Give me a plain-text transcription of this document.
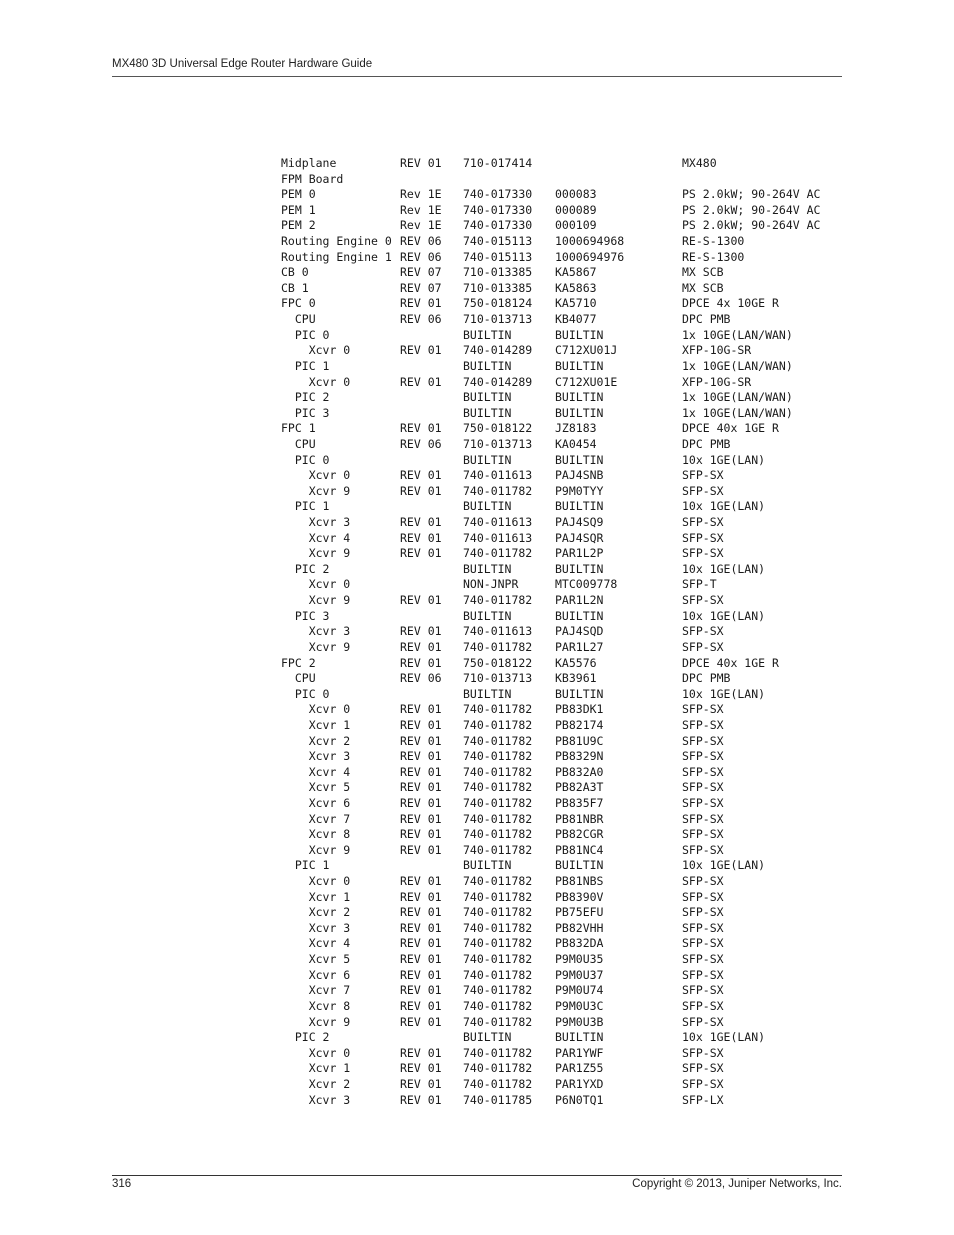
MX480 3D Universal Edge Router Hardware Guide
Midplane	REV 01 710-017414	MX480
FPM Board
PEM 0	Rev 1E 740-017330 000083	PS 2.0kW; 90-264V AC
PEM 1	Rev 1E 740-017330 000089	PS 2.0kW; 90-264V AC
PEM 2	Rev 1E 740-017330 000109	PS 2.0kW; 90-264V AC
Routing Engine 0 REV 06 740-015113 1000694968	RE-S-1300
Routing Engine 1 REV 06 740-015113 1000694976	RE-S-1300
CB 0	REV 07 710-013385 KA5867	MX SCB
CB 1	REV 07 710-013385 KA5863	MX SCB
FPC 0	REV 01 750-018124 KA5710	DPCE 4x 10GE R
CPU	REV 06 710-013713 KB4077	DPC PMB
PIC 0	BUILTIN	BUILTIN	1x 10GE(LAN/WAN)
Xcvr 0	REV 01 740-014289 C712XU01J	XFP-10G-SR
PIC 1	BUILTIN	BUILTIN	1x 10GE(LAN/WAN)
Xcvr 0	REV 01 740-014289 C712XU01E	XFP-10G-SR
PIC 2	BUILTIN	BUILTIN	1x 10GE(LAN/WAN)
PIC 3	BUILTIN	BUILTIN	1x 10GE(LAN/WAN)
FPC 1	REV 01 750-018122 JZ8183	DPCE 40x 1GE R
CPU	REV 06 710-013713 KA0454	DPC PMB
PIC 0	BUILTIN	BUILTIN	10x 1GE(LAN)
Xcvr 0	REV 01 740-011613 PAJ4SNB	SFP-SX
Xcvr 9	REV 01 740-011782 P9M0TYY	SFP-SX
PIC 1	BUILTIN	BUILTIN	10x 1GE(LAN)
Xcvr 3	REV 01 740-011613 PAJ4SQ9	SFP-SX
Xcvr 4	REV 01 740-011613 PAJ4SQR	SFP-SX
Xcvr 9	REV 01 740-011782 PAR1L2P	SFP-SX
PIC 2	BUILTIN	BUILTIN	10x 1GE(LAN)
Xcvr 0	NON-JNPR	MTC009778	SFP-T
Xcvr 9	REV 01 740-011782 PAR1L2N	SFP-SX
PIC 3	BUILTIN	BUILTIN	10x 1GE(LAN)
Xcvr 3	REV 01 740-011613 PAJ4SQD	SFP-SX
Xcvr 9	REV 01 740-011782 PAR1L27	SFP-SX
FPC 2	REV 01 750-018122 KA5576	DPCE 40x 1GE R
CPU	REV 06 710-013713 KB3961	DPC PMB
PIC 0	BUILTIN	BUILTIN	10x 1GE(LAN)
Xcvr 0	REV 01 740-011782 PB83DK1	SFP-SX
Xcvr 1	REV 01 740-011782 PB82174	SFP-SX
Xcvr 2	REV 01 740-011782 PB81U9C	SFP-SX
Xcvr 3	REV 01 740-011782 PB8329N	SFP-SX
Xcvr 4	REV 01 740-011782 PB832A0	SFP-SX
Xcvr 5	REV 01 740-011782 PB82A3T	SFP-SX
Xcvr 6	REV 01 740-011782 PB835F7	SFP-SX
Xcvr 7	REV 01 740-011782 PB81NBR	SFP-SX
Xcvr 8	REV 01 740-011782 PB82CGR	SFP-SX
Xcvr 9	REV 01 740-011782 PB81NC4	SFP-SX
PIC 1	BUILTIN	BUILTIN	10x 1GE(LAN)
Xcvr 0	REV 01 740-011782 PB81NBS	SFP-SX
Xcvr 1	REV 01 740-011782 PB8390V	SFP-SX
Xcvr 2	REV 01 740-011782 PB75EFU	SFP-SX
Xcvr 3	REV 01 740-011782 PB82VHH	SFP-SX
Xcvr 4	REV 01 740-011782 PB832DA	SFP-SX
Xcvr 5	REV 01 740-011782 P9M0U35	SFP-SX
Xcvr 6	REV 01 740-011782 P9M0U37	SFP-SX
Xcvr 7	REV 01 740-011782 P9M0U74	SFP-SX
Xcvr 8	REV 01 740-011782 P9M0U3C	SFP-SX
Xcvr 9	REV 01 740-011782 P9M0U3B	SFP-SX
PIC 2	BUILTIN	BUILTIN	10x 1GE(LAN)
Xcvr 0	REV 01 740-011782 PAR1YWF	SFP-SX
Xcvr 1	REV 01 740-011782 PAR1Z55	SFP-SX
Xcvr 2	REV 01 740-011782 PAR1YXD	SFP-SX
Xcvr 3	REV 01 740-011785 P6N0TQ1	SFP-LX
316	Copyright © 2013, Juniper Networks, Inc.
